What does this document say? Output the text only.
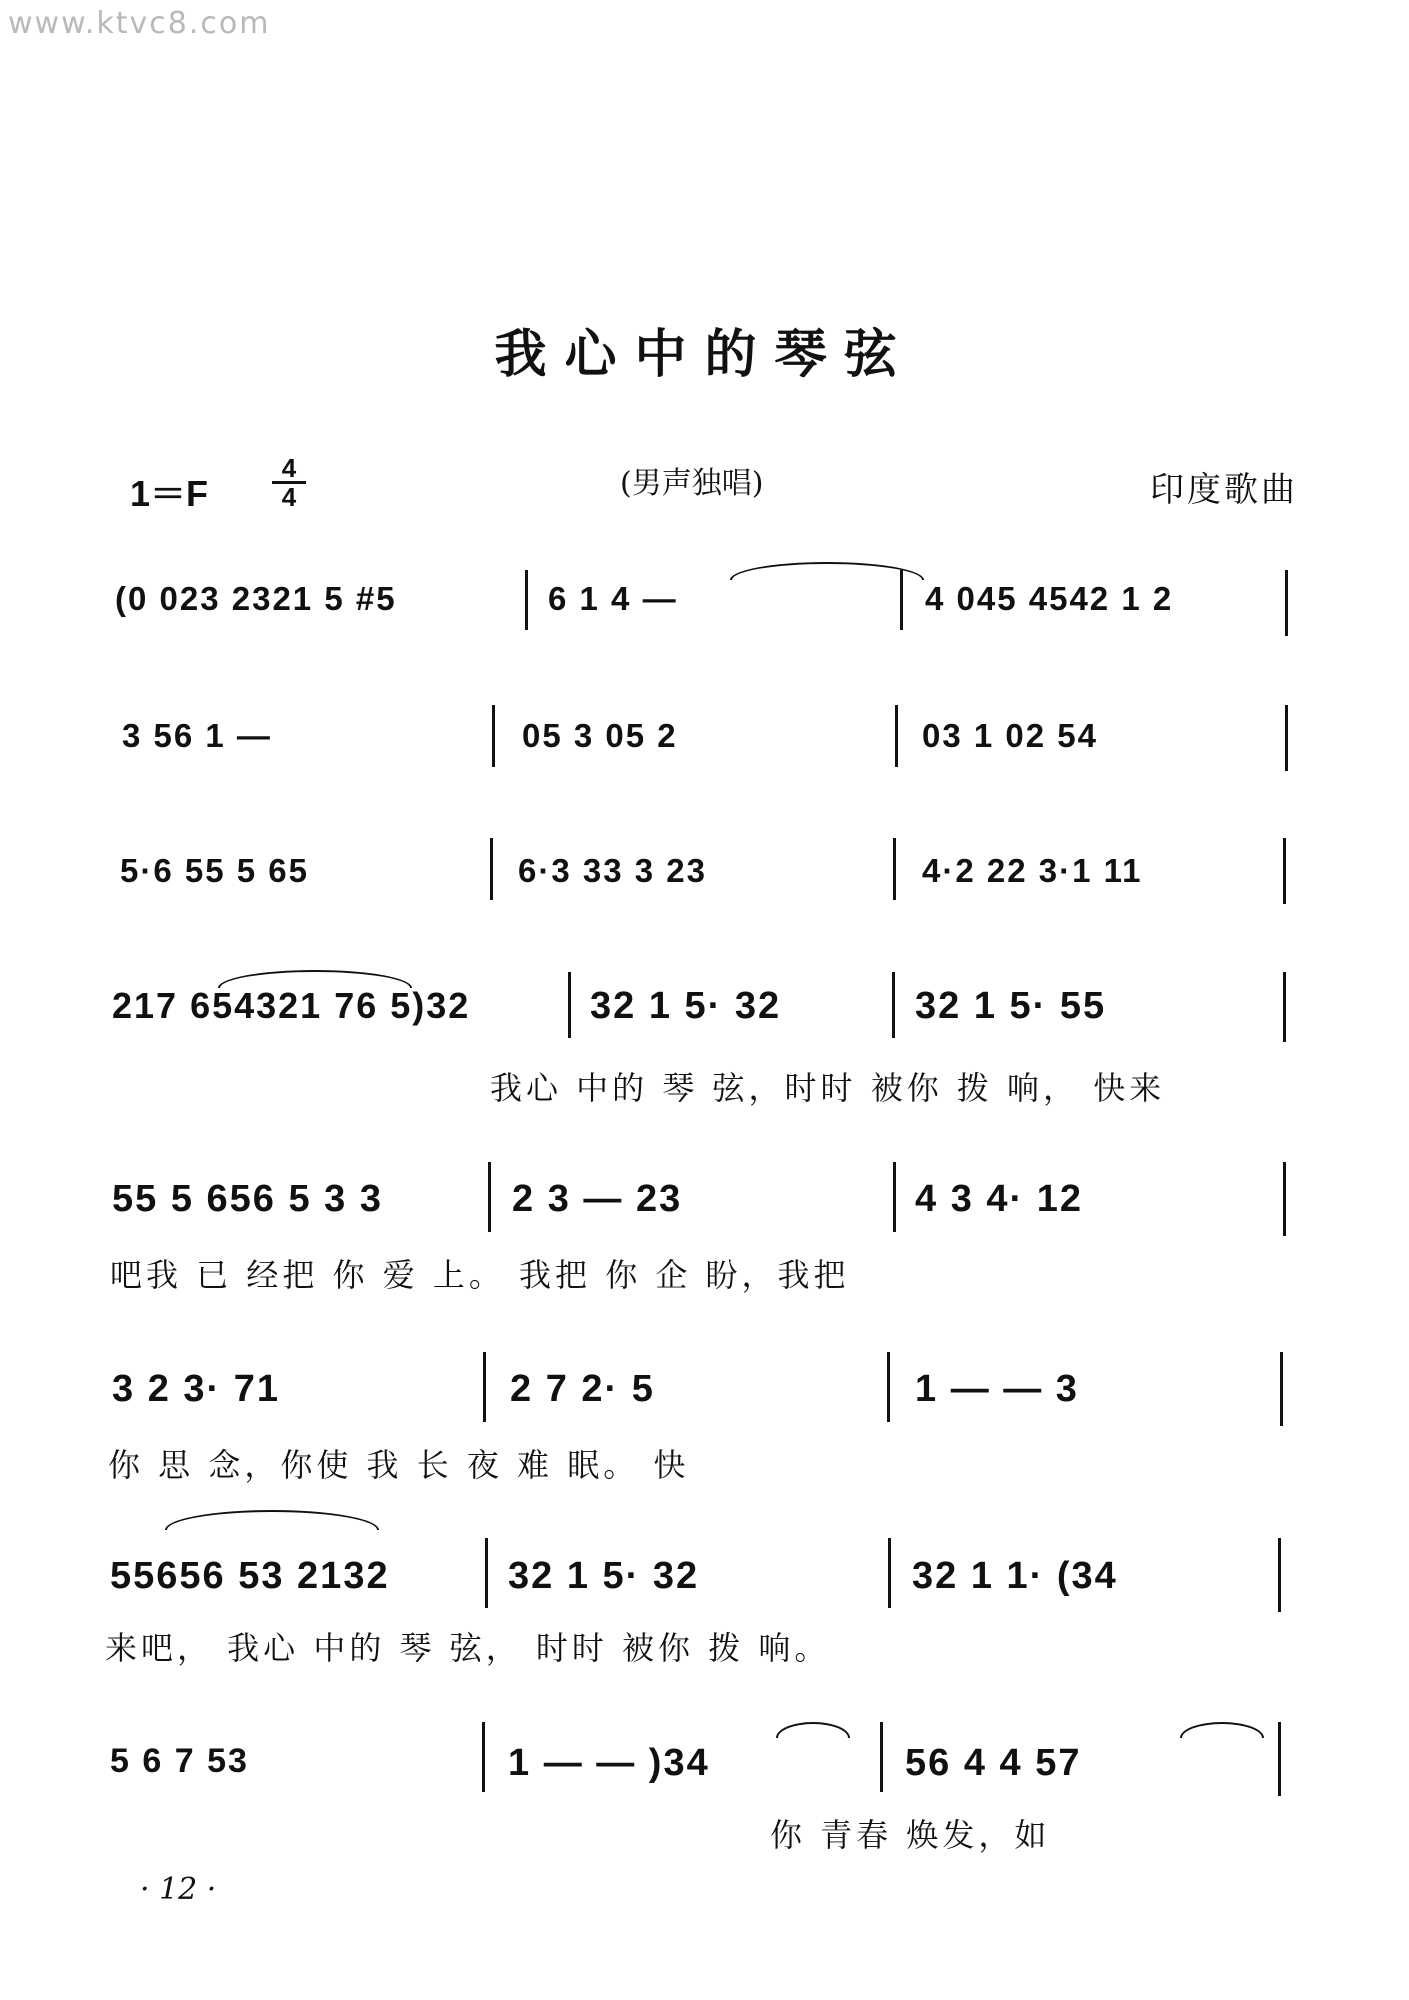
www.ktvc8.com
我心中的琴弦
1＝F
4
4	(男声独唱)	印度歌曲
(0 023 2321 5 #5	6 1 4 —	4 045 4542 1 2
3 56 1 —	05 3 05 2	03 1 02 54
5·6 55 5 65	6·3 33 3 23	4·2 22 3·1 11
217 654321 76 5)32	32 1 5· 32	32 1 5· 55
我心 中的 琴 弦，时时 被你 拨 响， 快来
55 5 656 5 3 3	2 3 — 23	4 3 4· 12
吧我 已 经把 你 爱 上。 我把 你 企 盼，我把
3 2 3· 71	2 7 2· 5	1 — — 3
你 思 念，你使 我 长 夜 难 眠。 快
55656 53 2132	32 1 5· 32	32 1 1· (34
来吧， 我心 中的 琴 弦， 时时 被你 拨 响。
5 6 7 53	1 — — )34	56 4 4 57
你 青春 焕发，如
· 12 ·
